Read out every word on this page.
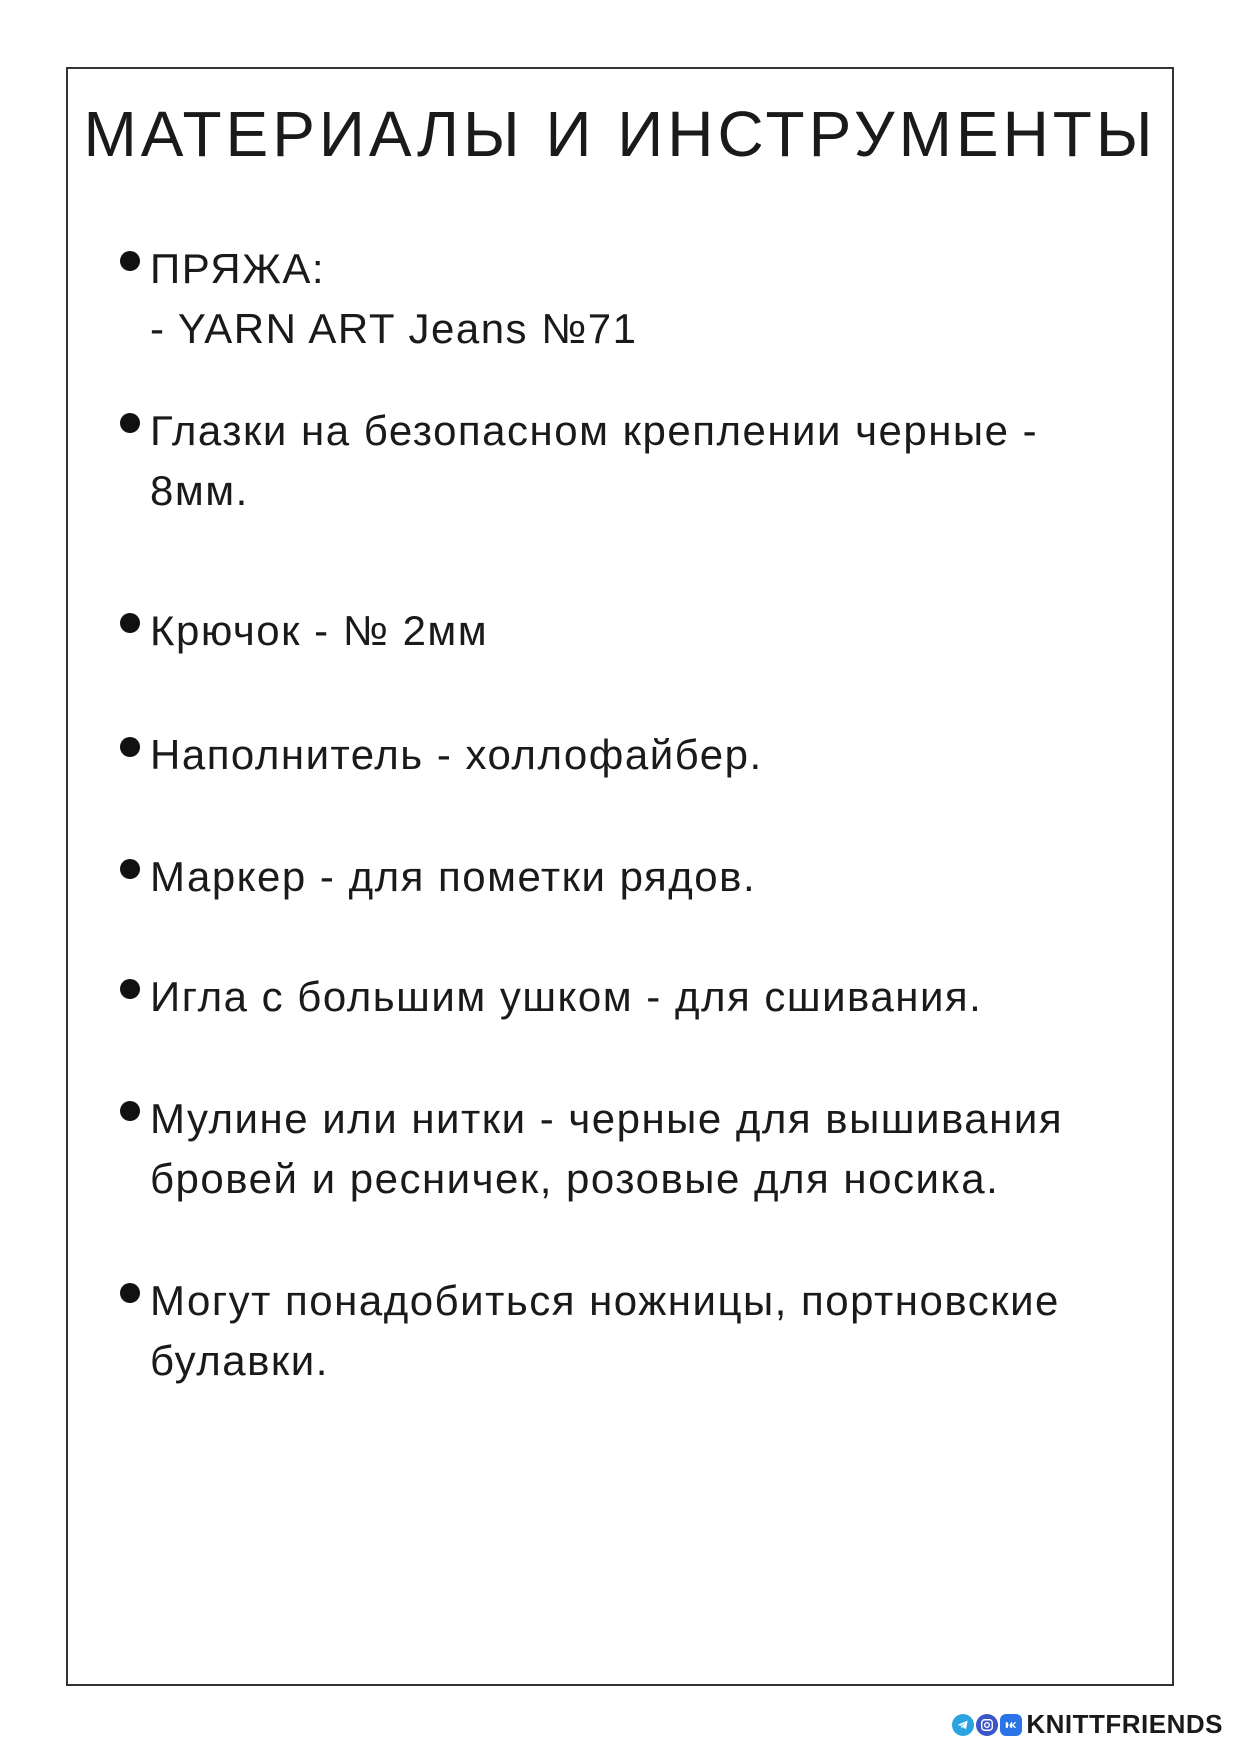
МАТЕРИАЛЫ И ИНСТРУМЕНТЫ
ПРЯЖА:
- YARN ART Jeans №71
Глазки на безопасном креплении черные -
8мм.
Крючок - № 2мм
Наполнитель - холлофайбер.
Маркер - для пометки рядов.
Игла с большим ушком - для сшивания.
Мулине или нитки - черные для вышивания
бровей и ресничек, розовые для носика.
Могут понадобиться ножницы, портновские
булавки.
KNITTFRIENDS
